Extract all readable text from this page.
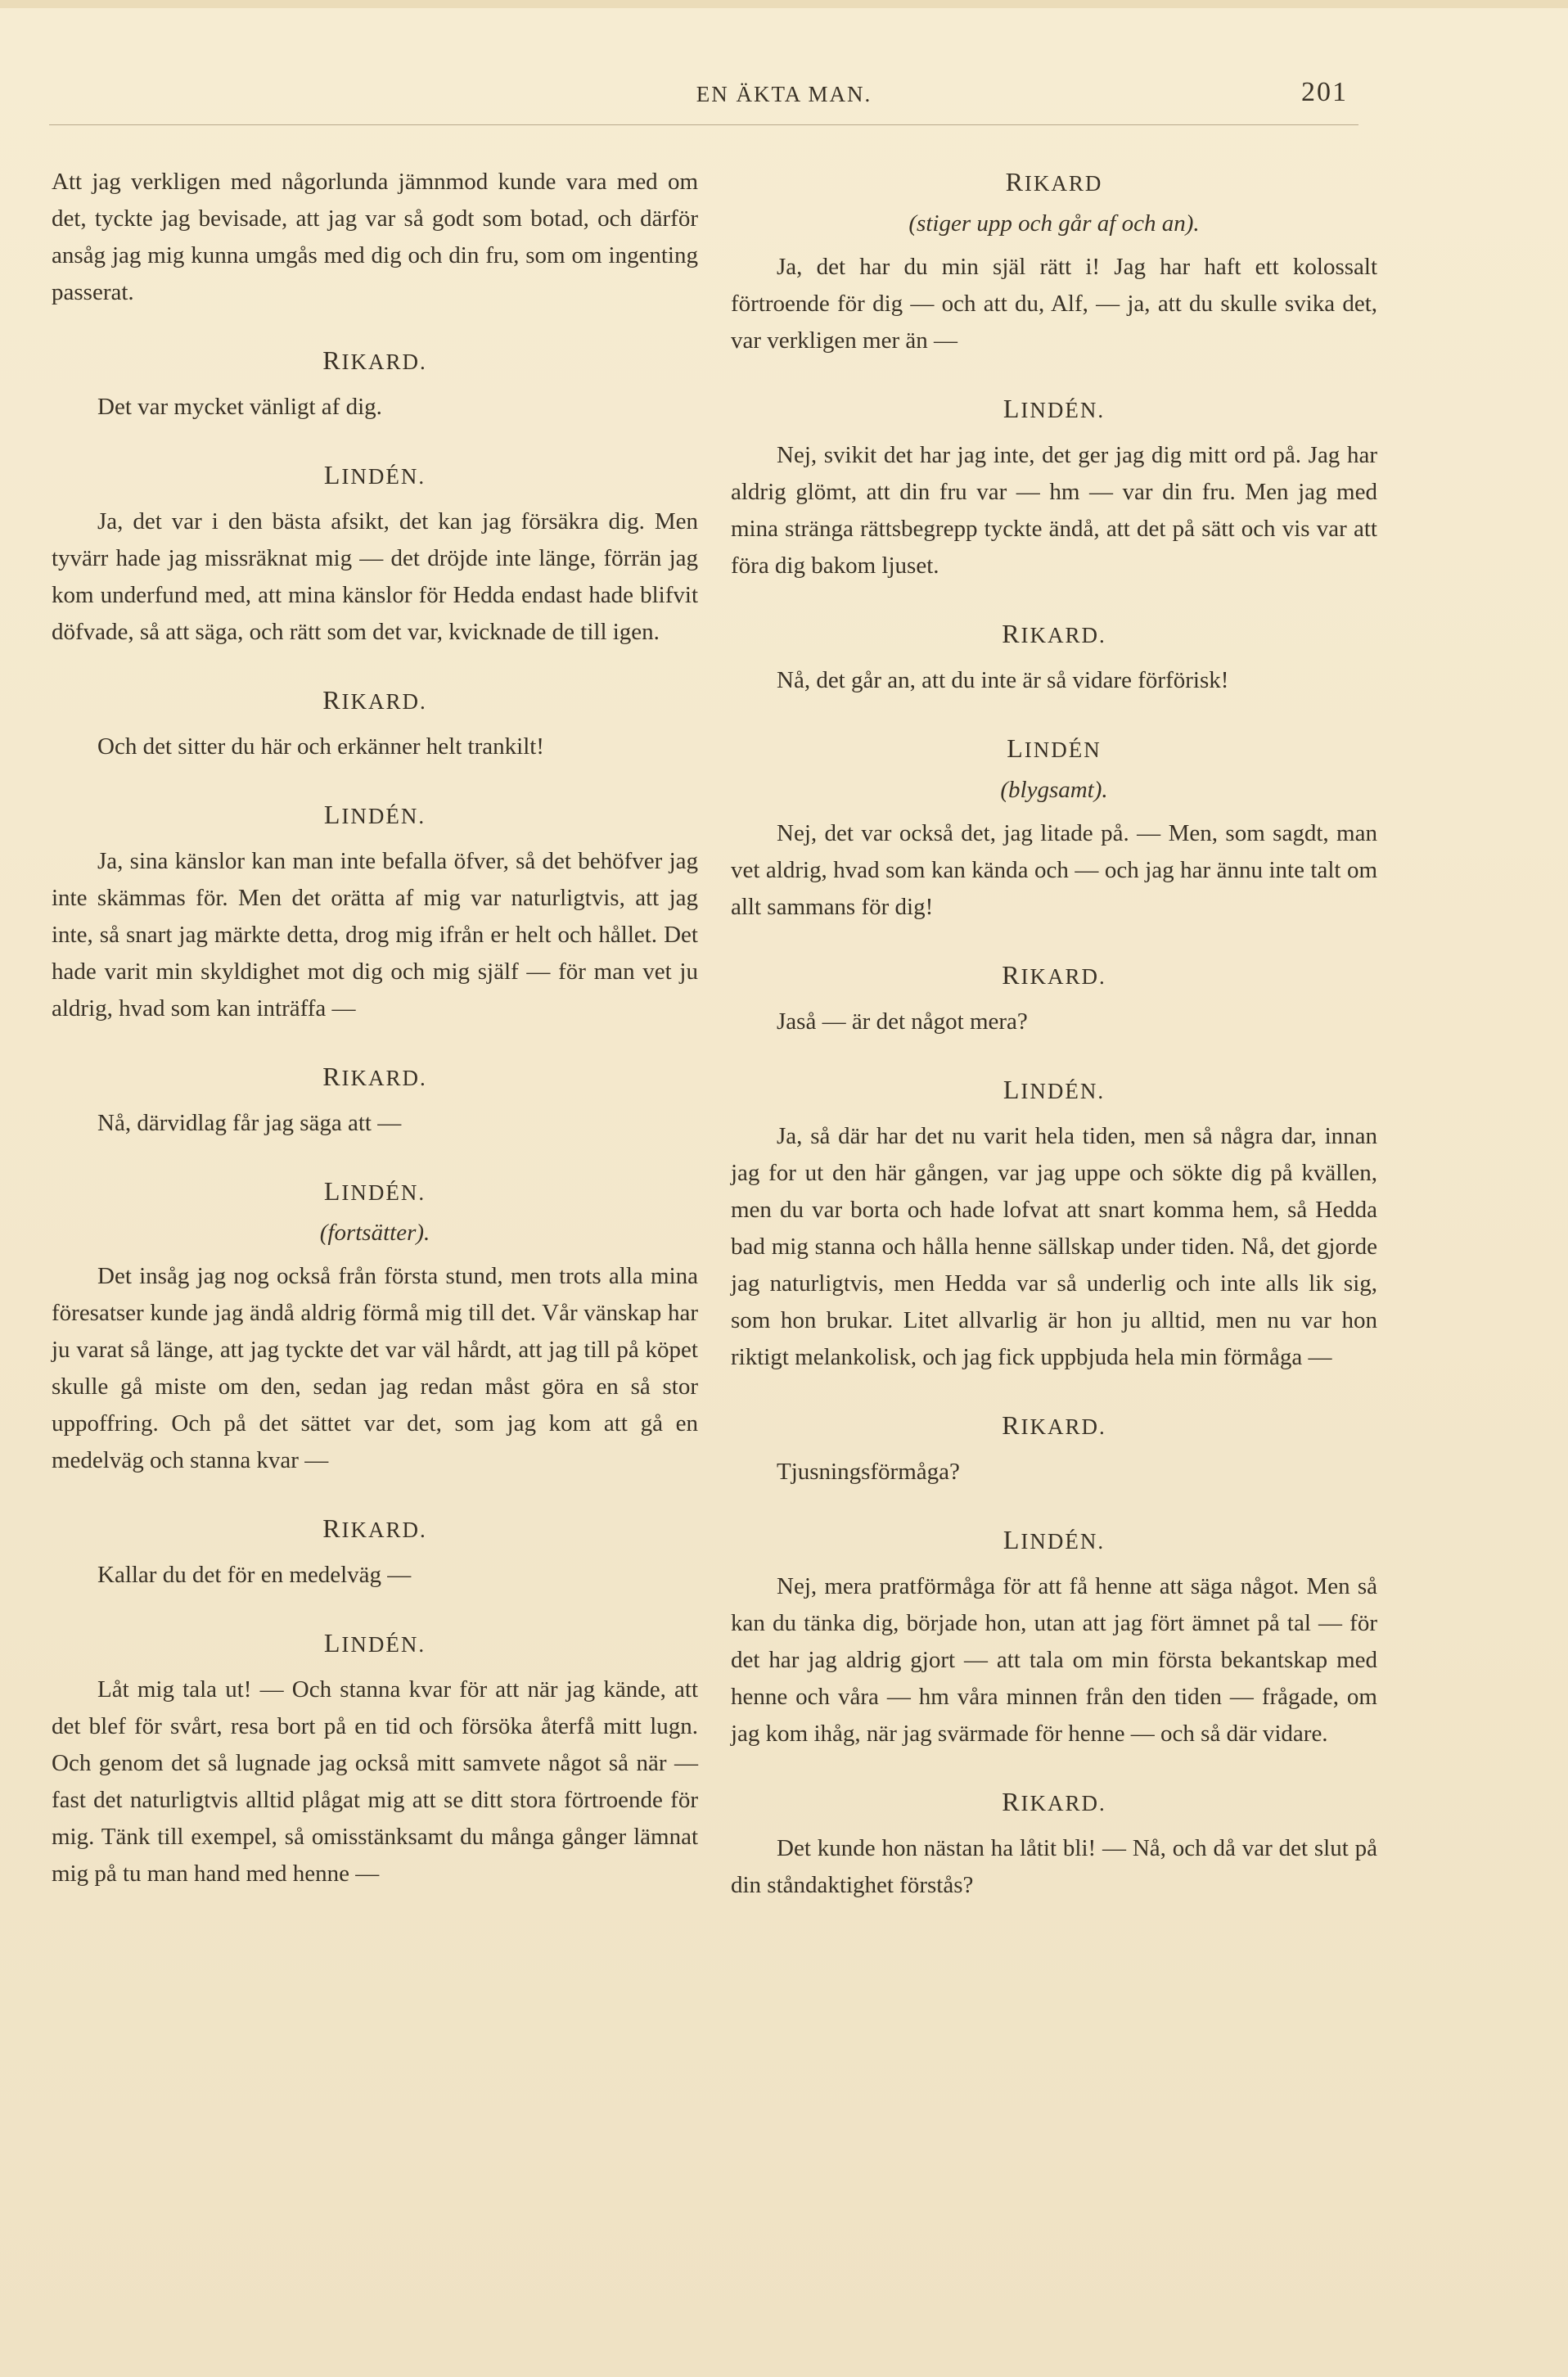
EN ÄKTA MAN.	201

Att jag verkligen med någorlunda jämnmod kunde vara med om det, tyckte jag bevisade, att jag var så godt som botad, och därför ansåg jag mig kunna umgås med dig och din fru, som om ingenting passerat.

RIKARD.

Det var mycket vänligt af dig.

LINDÉN.

Ja, det var i den bästa afsikt, det kan jag försäkra dig. Men tyvärr hade jag missräknat mig — det dröjde inte länge, förrän jag kom underfund med, att mina känslor för Hedda endast hade blifvit döfvade, så att säga, och rätt som det var, kvicknade de till igen.

RIKARD.

Och det sitter du här och erkänner helt trankilt!

LINDÉN.

Ja, sina känslor kan man inte befalla öfver, så det behöfver jag inte skämmas för. Men det orätta af mig var naturligtvis, att jag inte, så snart jag märkte detta, drog mig ifrån er helt och hållet. Det hade varit min skyldighet mot dig och mig själf — för man vet ju aldrig, hvad som kan inträffa —

RIKARD.

Nå, därvidlag får jag säga att —

LINDÉN.
(fortsätter).

Det insåg jag nog också från första stund, men trots alla mina föresatser kunde jag ändå aldrig förmå mig till det. Vår vänskap har ju varat så länge, att jag tyckte det var väl hårdt, att jag till på köpet skulle gå miste om den, sedan jag redan måst göra en så stor uppoffring. Och på det sättet var det, som jag kom att gå en medelväg och stanna kvar —

RIKARD.

Kallar du det för en medelväg —

LINDÉN.

Låt mig tala ut! — Och stanna kvar för att när jag kände, att det blef för svårt, resa bort på en tid och försöka återfå mitt lugn. Och genom det så lugnade jag också mitt samvete något så när — fast det naturligtvis alltid plågat mig att se ditt stora förtroende för mig. Tänk till exempel, så omisstänksamt du många gånger lämnat mig på tu man hand med henne —

RIKARD
(stiger upp och går af och an).

Ja, det har du min själ rätt i! Jag har haft ett kolossalt förtroende för dig — och att du, Alf, — ja, att du skulle svika det, var verkligen mer än —

LINDÉN.

Nej, svikit det har jag inte, det ger jag dig mitt ord på. Jag har aldrig glömt, att din fru var — hm — var din fru. Men jag med mina stränga rättsbegrepp tyckte ändå, att det på sätt och vis var att föra dig bakom ljuset.

RIKARD.

Nå, det går an, att du inte är så vidare förförisk!

LINDÉN
(blygsamt).

Nej, det var också det, jag litade på. — Men, som sagdt, man vet aldrig, hvad som kan kända och — och jag har ännu inte talt om allt sammans för dig!

RIKARD.

Jaså — är det något mera?

LINDÉN.

Ja, så där har det nu varit hela tiden, men så några dar, innan jag for ut den här gången, var jag uppe och sökte dig på kvällen, men du var borta och hade lofvat att snart komma hem, så Hedda bad mig stanna och hålla henne sällskap under tiden. Nå, det gjorde jag naturligtvis, men Hedda var så underlig och inte alls lik sig, som hon brukar. Litet allvarlig är hon ju alltid, men nu var hon riktigt melankolisk, och jag fick uppbjuda hela min förmåga —

RIKARD.

Tjusningsförmåga?

LINDÉN.

Nej, mera pratförmåga för att få henne att säga något. Men så kan du tänka dig, började hon, utan att jag fört ämnet på tal — för det har jag aldrig gjort — att tala om min första bekantskap med henne och våra — hm våra minnen från den tiden — frågade, om jag kom ihåg, när jag svärmade för henne — och så där vidare.

RIKARD.

Det kunde hon nästan ha låtit bli! — Nå, och då var det slut på din ståndaktighet förstås?
